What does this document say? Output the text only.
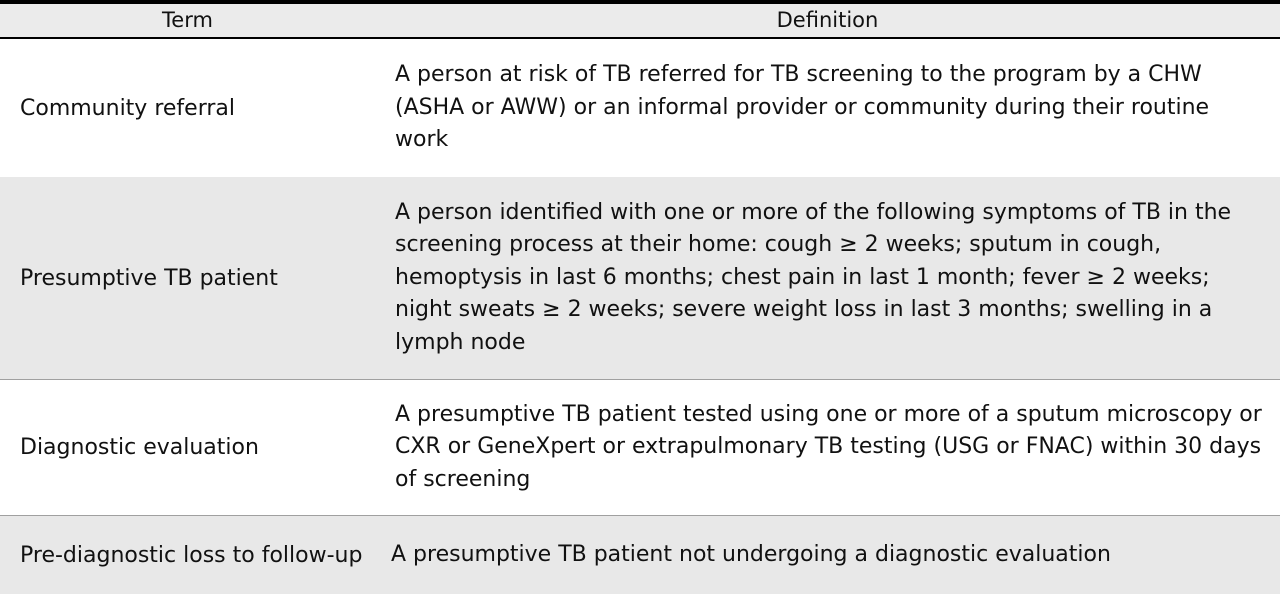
Term	Definition
Community referral
A person at risk of TB referred for TB screening to the program by a CHW (ASHA or AWW) or an informal provider or community during their routine work
Presumptive TB patient
A person identified with one or more of the following symptoms of TB in the screening process at their home: cough ≥ 2 weeks; sputum in cough, hemoptysis in last 6 months; chest pain in last 1 month; fever ≥ 2 weeks; night sweats ≥ 2 weeks; severe weight loss in last 3 months; swelling in a lymph node
Diagnostic evaluation
A presumptive TB patient tested using one or more of a sputum microscopy or CXR or GeneXpert or extrapulmonary TB testing (USG or FNAC) within 30 days of screening
Pre-diagnostic loss to follow-up A presumptive TB patient not undergoing a diagnostic evaluation
